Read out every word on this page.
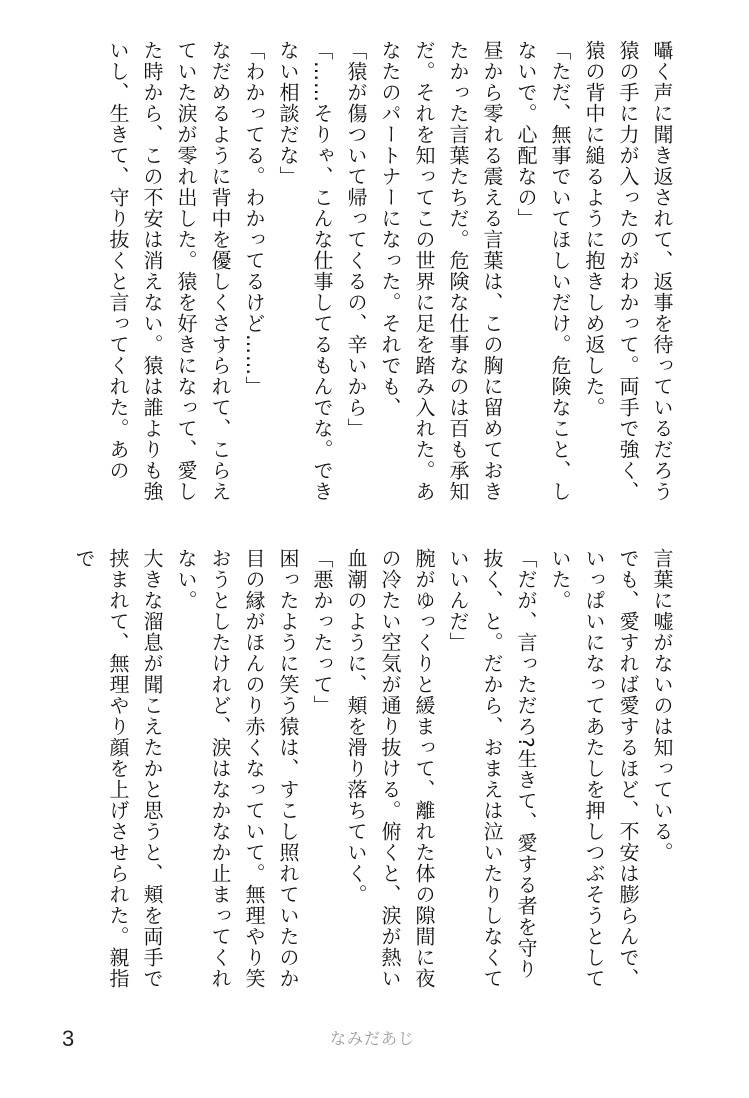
囁く声に聞き返されて、返事を待っているだろう猿の手に力が入ったのがわかって。両手で強く、猿の背中に縋るように抱きしめ返した。

「ただ、無事でいてほしいだけ。危険なこと、しないで。心配なの」

昼から零れる震える言葉は、この胸に留めておきたかった言葉たちだ。危険な仕事なのは百も承知だ。それを知ってこの世界に足を踏み入れた。あなたのパートナーになった。それでも、

「猿が傷ついて帰ってくるの、辛いから」

「……そりゃ、こんな仕事してるもんでな。できない相談だな」

「わかってる。わかってるけど……」

なだめるように背中を優しくさすられて、こらえていた涙が零れ出した。猿を好きになって、愛した時から、この不安は消えない。猿は誰よりも強いし、生きて、守り抜くと言ってくれた。あの

言葉に嘘がないのは知っている。

でも、愛すれば愛するほど、不安は膨らんで、いっぱいになってあたしを押しつぶそうとしていた。

「だが、言っただろ?生きて、愛する者を守り抜く、と。だから、おまえは泣いたりしなくていいんだ」

腕がゆっくりと緩まって、離れた体の隙間に夜の冷たい空気が通り抜ける。俯くと、涙が熱い血潮のように、頬を滑り落ちていく。

「悪かったって」

困ったように笑う猿は、すこし照れていたのか目の縁がほんのり赤くなっていて。無理やり笑おうとしたけれど、涙はなかなか止まってくれない。

大きな溜息が聞こえたかと思うと、頬を両手で挟まれて、無理やり顔を上げさせられた。親指で

3	なみだあじ
